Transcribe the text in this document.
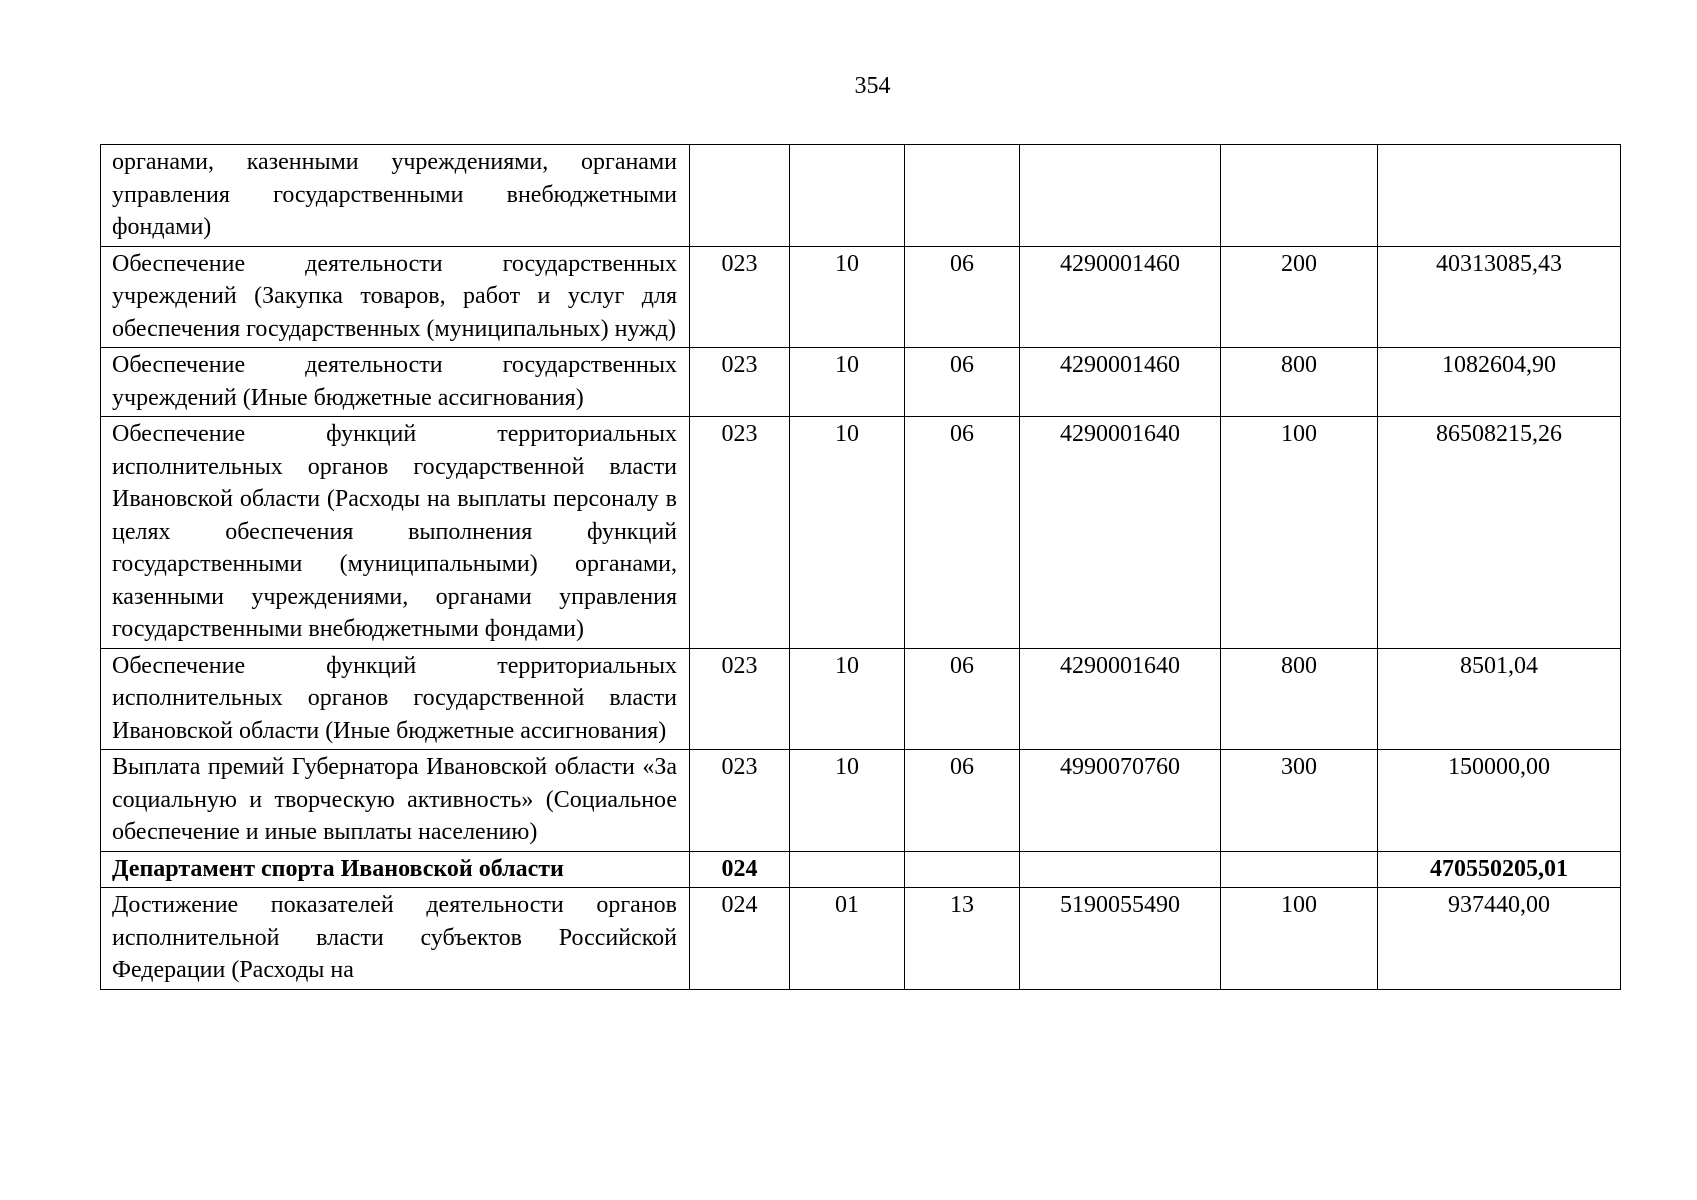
354
органами, казенными учреждениями, органами управления государственными внебюджетными фондами)						
Обеспечение деятельности государственных учреждений (Закупка товаров, работ и услуг для обеспечения государственных (муниципальных) нужд)	023	10	06	4290001460	200	40313085,43
Обеспечение деятельности государственных учреждений (Иные бюджетные ассигнования)	023	10	06	4290001460	800	1082604,90
Обеспечение функций территориальных исполнительных органов государственной власти Ивановской области (Расходы на выплаты персоналу в целях обеспечения выполнения функций государственными (муниципальными) органами, казенными учреждениями, органами управления государственными внебюджетными фондами)	023	10	06	4290001640	100	86508215,26
Обеспечение функций территориальных исполнительных органов государственной власти Ивановской области (Иные бюджетные ассигнования)	023	10	06	4290001640	800	8501,04
Выплата премий Губернатора Ивановской области «За социальную и творческую активность» (Социальное обеспечение и иные выплаты населению)	023	10	06	4990070760	300	150000,00
Департамент спорта Ивановской области	024					470550205,01
Достижение показателей деятельности органов исполнительной власти субъектов Российской Федерации (Расходы на	024	01	13	5190055490	100	937440,00
